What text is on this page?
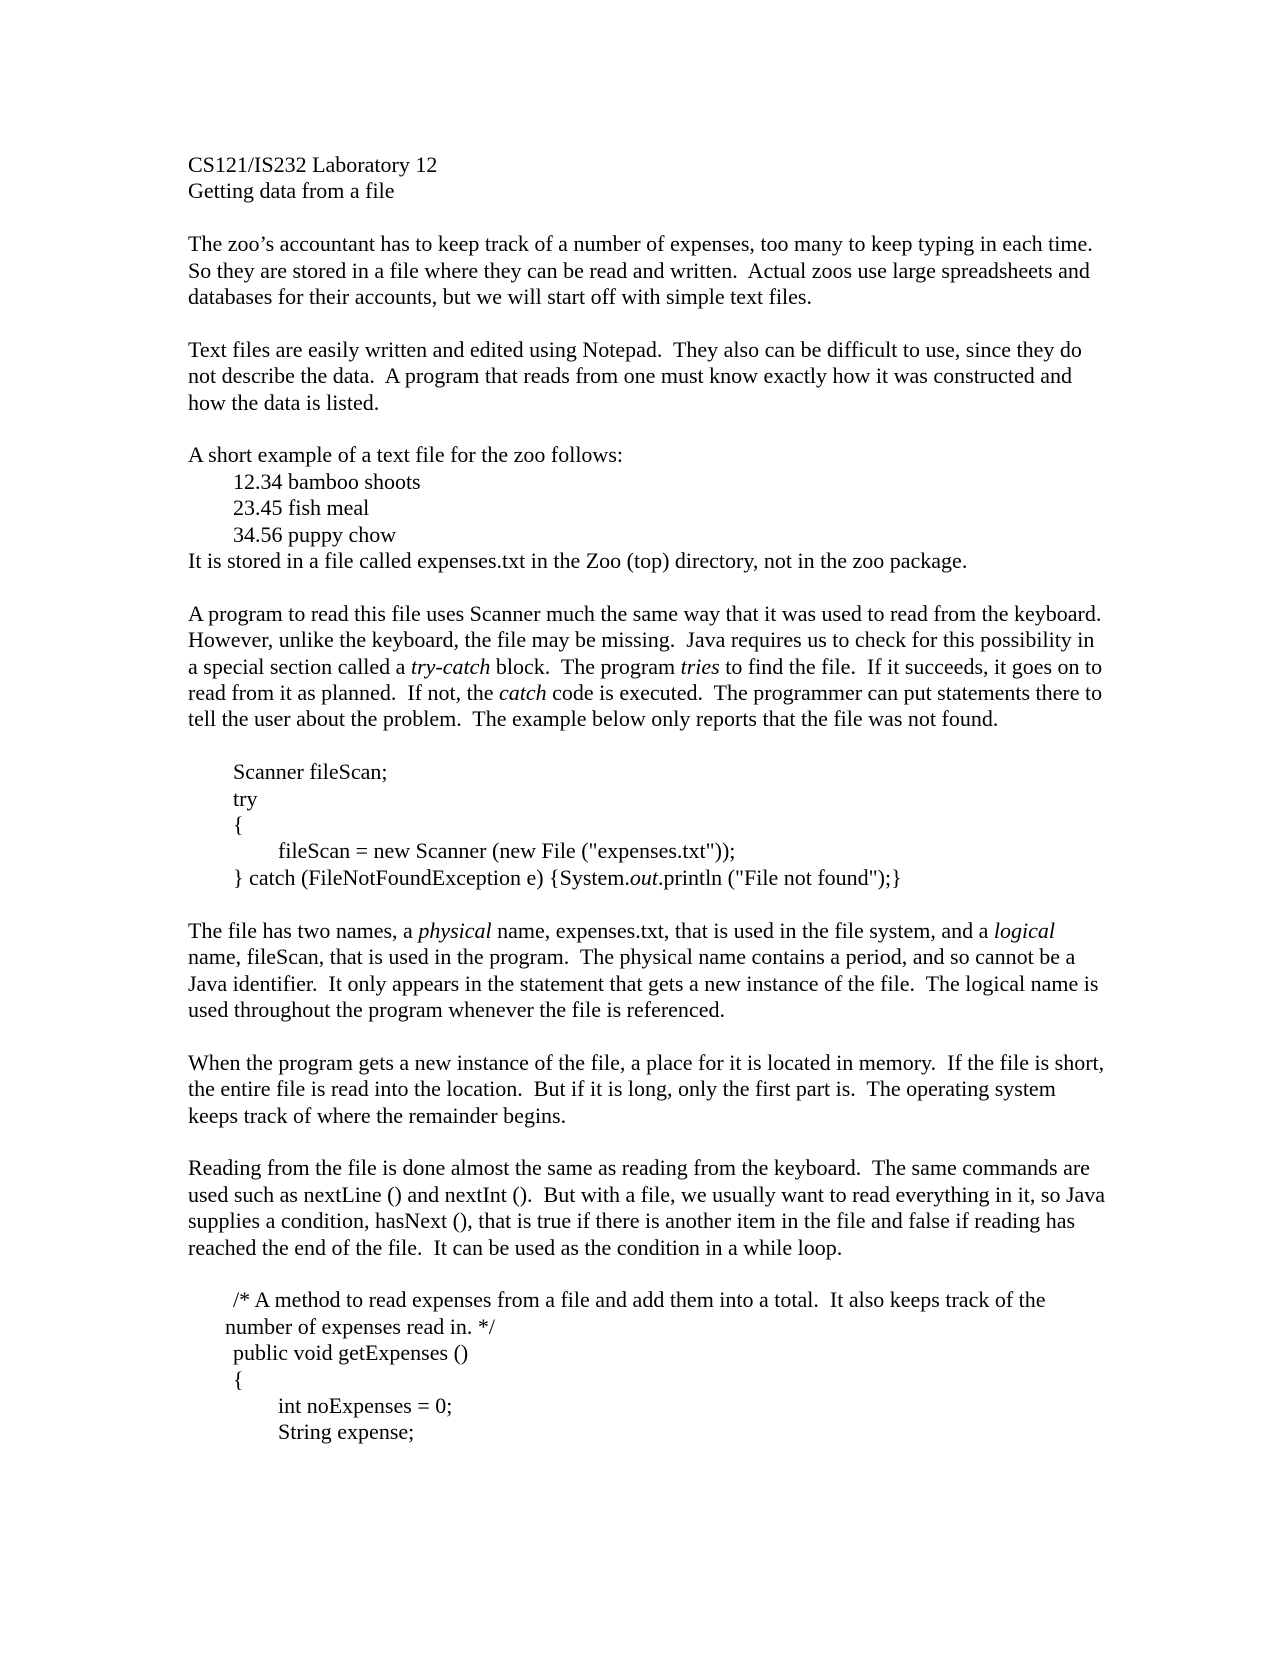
CS121/IS232 Laboratory 12

Getting data from a file

The zoo’s accountant has to keep track of a number of expenses, too many to keep typing in each time.  So they are stored in a file where they can be read and written.  Actual zoos use large spreadsheets and databases for their accounts, but we will start off with simple text files.

Text files are easily written and edited using Notepad.  They also can be difficult to use, since they do not describe the data.  A program that reads from one must know exactly how it was constructed and how the data is listed.

A short example of a text file for the zoo follows:

12.34 bamboo shoots

23.45 fish meal

34.56 puppy chow

It is stored in a file called expenses.txt in the Zoo (top) directory, not in the zoo package.

A program to read this file uses Scanner much the same way that it was used to read from the keyboard.  However, unlike the keyboard, the file may be missing.  Java requires us to check for this possibility in a special section called a try-catch block.  The program tries to find the file.  If it succeeds, it goes on to read from it as planned.  If not, the catch code is executed.  The programmer can put statements there to tell the user about the problem.  The example below only reports that the file was not found.

Scanner fileScan;

try

{

fileScan = new Scanner (new File ("expenses.txt"));

} catch (FileNotFoundException e) {System.out.println ("File not found");}

The file has two names, a physical name, expenses.txt, that is used in the file system, and a logical name, fileScan, that is used in the program.  The physical name contains a period, and so cannot be a Java identifier.  It only appears in the statement that gets a new instance of the file.  The logical name is used throughout the program whenever the file is referenced.

When the program gets a new instance of the file, a place for it is located in memory.  If the file is short, the entire file is read into the location.  But if it is long, only the first part is.  The operating system keeps track of where the remainder begins.

Reading from the file is done almost the same as reading from the keyboard.  The same commands are used such as nextLine () and nextInt ().  But with a file, we usually want to read everything in it, so Java supplies a condition, hasNext (), that is true if there is another item in the file and false if reading has reached the end of the file.  It can be used as the condition in a while loop.

/* A method to read expenses from a file and add them into a total.  It also keeps track of the number of expenses read in. */

public void getExpenses ()

{

int noExpenses = 0;

String expense;
